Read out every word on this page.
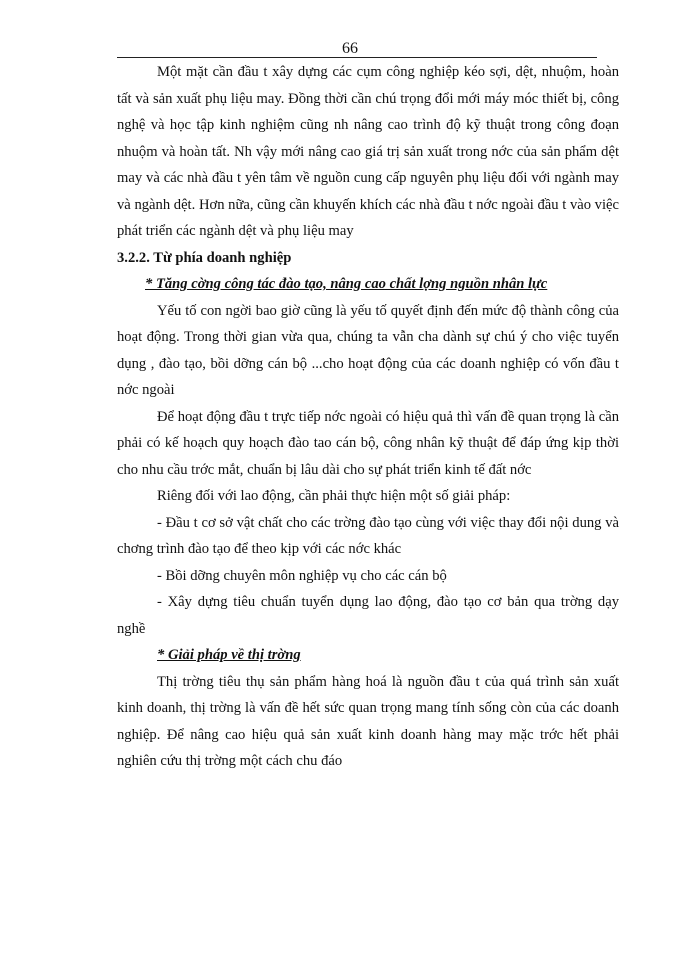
66

Một mặt cần đầu t xây dựng các cụm công nghiệp kéo sợi, dệt, nhuộm, hoàn tất và sản xuất phụ liệu may. Đồng thời cần chú trọng đổi mới máy móc thiết bị, công nghệ và học tập kinh nghiệm cũng nh nâng cao trình độ kỹ thuật trong công đoạn nhuộm và hoàn tất. Nh vậy mới nâng cao giá trị sản xuất trong nớc của sản phẩm dệt may và các nhà đầu t yên tâm về nguồn cung cấp nguyên phụ liệu đối với ngành may và ngành dệt. Hơn nữa, cũng cần khuyến khích các nhà đầu t nớc ngoài đầu t vào việc phát triển các ngành dệt và phụ liệu may

3.2.2. Từ phía doanh nghiệp

* Tăng cờng công tác đào tạo, nâng cao chất lợng nguồn nhân lực

Yếu tố con ngời bao giờ cũng là yếu tố quyết định đến mức độ thành công của hoạt động. Trong thời gian vừa qua, chúng ta vẫn cha dành sự chú ý cho việc tuyển dụng , đào tạo, bồi dỡng cán bộ ...cho hoạt động của các doanh nghiệp có vốn đầu t nớc ngoài

Để hoạt động đầu t trực tiếp nớc ngoài có hiệu quả thì vấn đề quan trọng là cần phải có kế hoạch quy hoạch đào tao cán bộ, công nhân kỹ thuật để đáp ứng kịp thời cho nhu cầu trớc mắt, chuẩn bị lâu dài cho sự phát triển kinh tế đất nớc

Riêng đối với lao động, cần phải thực hiện một số giải pháp:

- Đầu t cơ sở vật chất cho các trờng đào tạo cùng với việc thay đổi nội dung và chơng trình đào tạo để theo kịp với các nớc khác

- Bồi dỡng chuyên môn nghiệp vụ cho các cán bộ

- Xây dựng tiêu chuẩn tuyển dụng lao động, đào tạo cơ bản qua trờng dạy nghề

* Giải pháp về thị trờng

Thị trờng tiêu thụ sản phẩm hàng hoá là nguồn đầu t của quá trình sản xuất kinh doanh, thị trờng là vấn đề hết sức quan trọng mang tính sống còn của các doanh nghiệp. Để nâng cao hiệu quả sản xuất kinh doanh hàng may mặc trớc hết phải nghiên cứu thị trờng một cách chu đáo
